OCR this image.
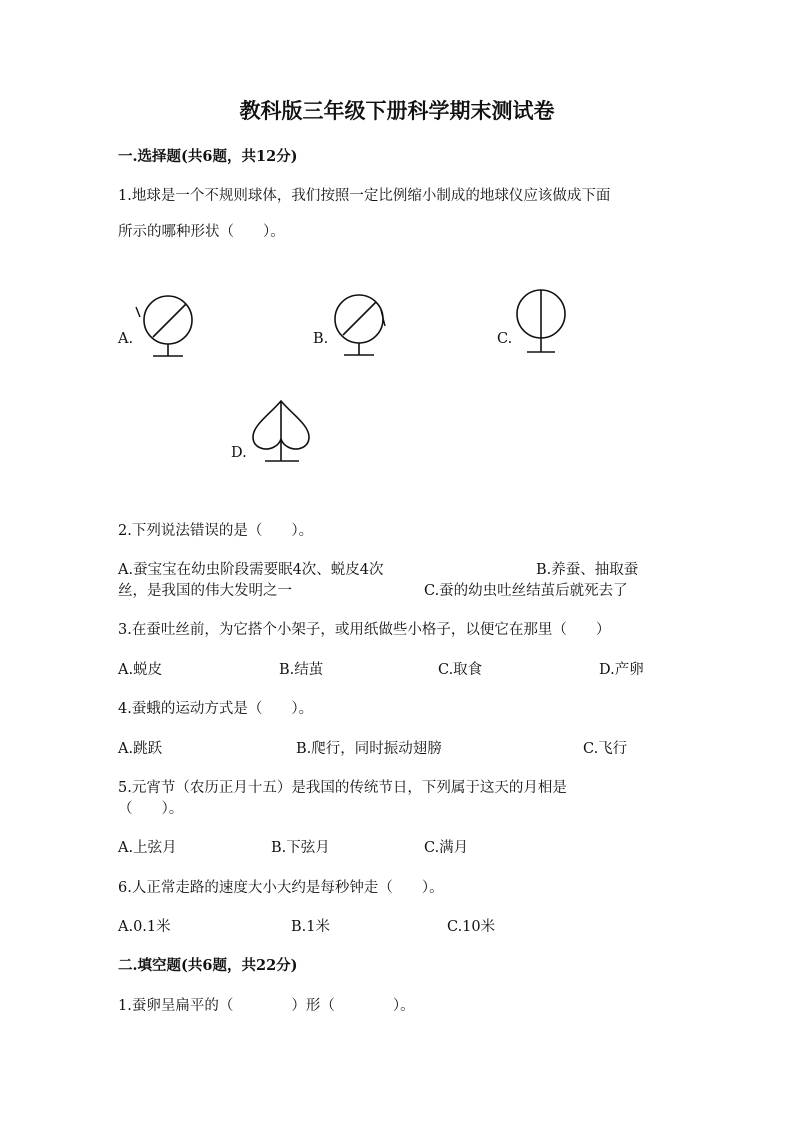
教科版三年级下册科学期末测试卷
一.选择题(共6题，共12分)
1.地球是一个不规则球体，我们按照一定比例缩小制成的地球仪应该做成下面
所示的哪种形状（　　）。
A.	B.	C.
D.
2.下列说法错误的是（　　）。
A.蚕宝宝在幼虫阶段需要眠4次、蜕皮4次	B.养蚕、抽取蚕
丝，是我国的伟大发明之一	C.蚕的幼虫吐丝结茧后就死去了
3.在蚕吐丝前，为它搭个小架子，或用纸做些小格子，以便它在那里（　　）
A.蜕皮	B.结茧	C.取食	D.产卵
4.蚕蛾的运动方式是（　　）。
A.跳跃	B.爬行，同时振动翅膀	C.飞行
5.元宵节（农历正月十五）是我国的传统节日，下列属于这天的月相是
（　　）。
A.上弦月	B.下弦月	C.满月
6.人正常走路的速度大小大约是每秒钟走（　　）。
A.0.1米	B.1米	C.10米
二.填空题(共6题，共22分)
1.蚕卵呈扁平的（　　　　）形（　　　　）。
